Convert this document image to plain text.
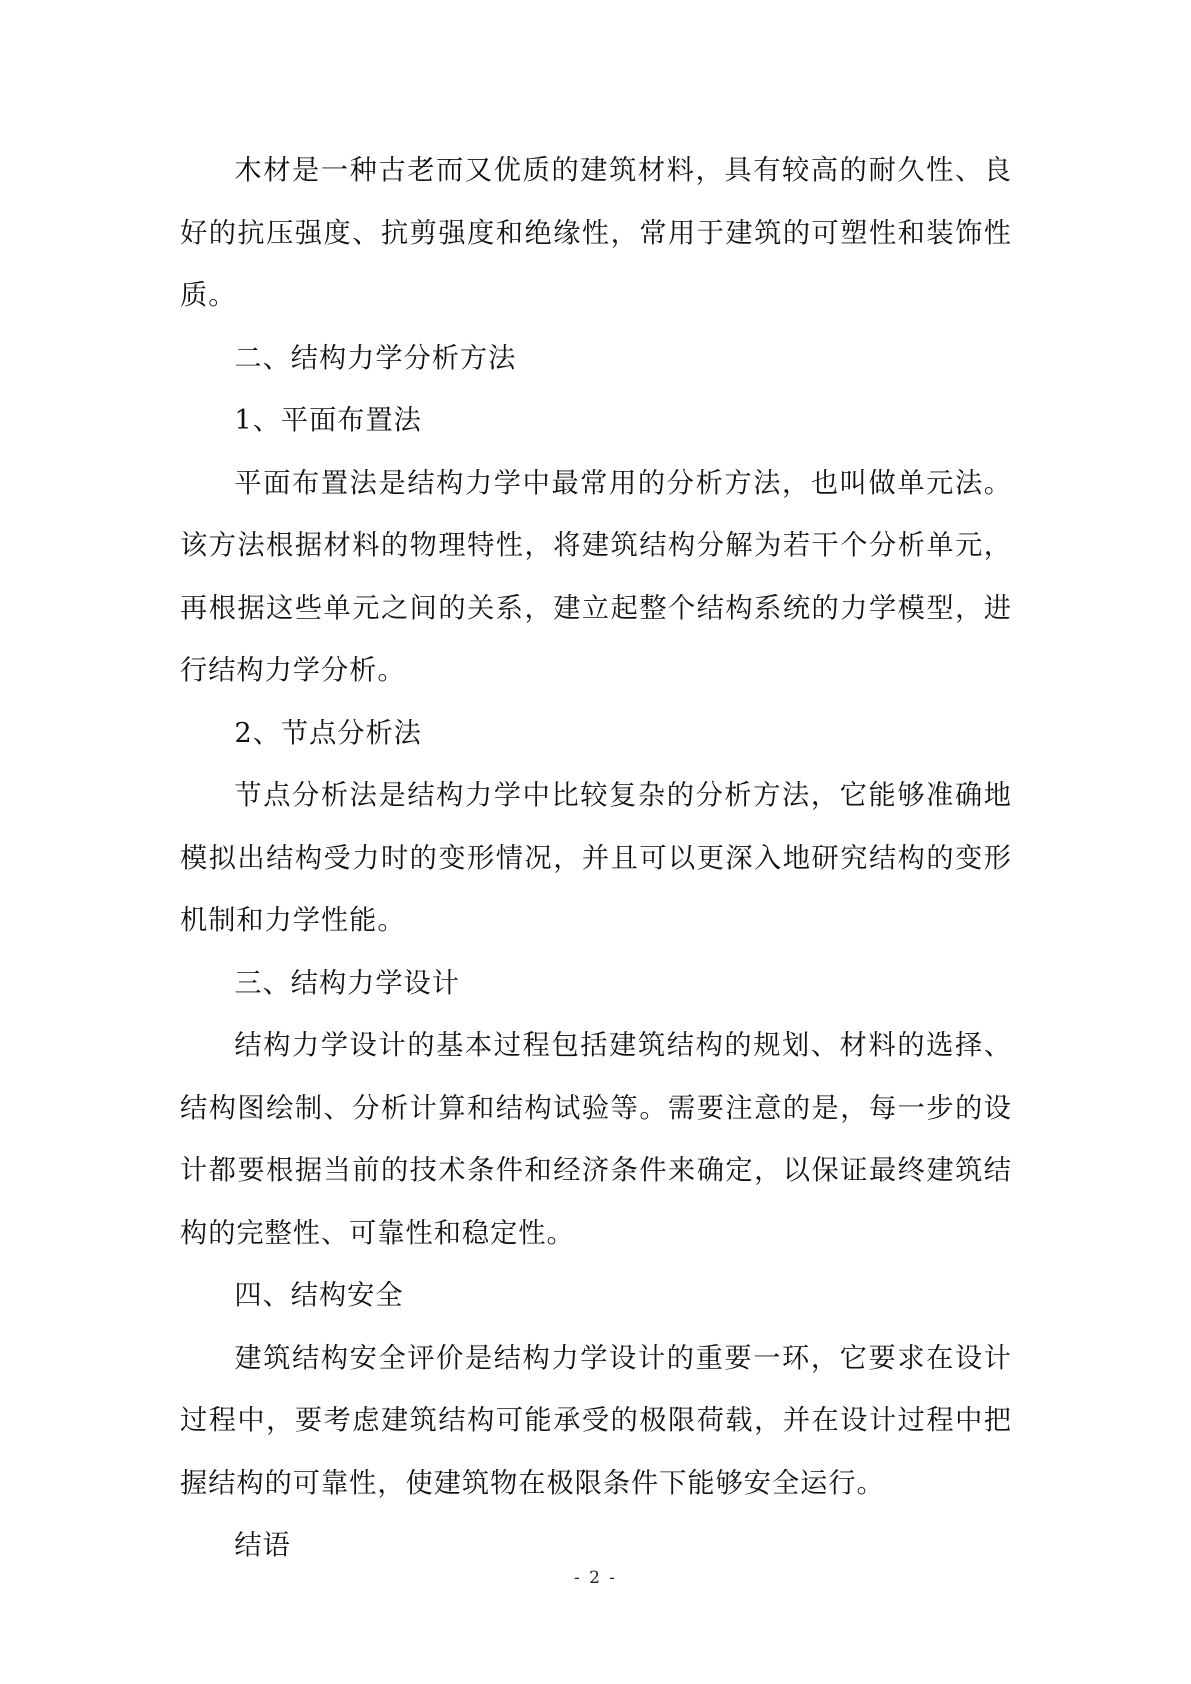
木材是一种古老而又优质的建筑材料，具有较高的耐久性、良好的抗压强度、抗剪强度和绝缘性，常用于建筑的可塑性和装饰性质。

二、结构力学分析方法

1、平面布置法

平面布置法是结构力学中最常用的分析方法，也叫做单元法。该方法根据材料的物理特性，将建筑结构分解为若干个分析单元，再根据这些单元之间的关系，建立起整个结构系统的力学模型，进行结构力学分析。

2、节点分析法

节点分析法是结构力学中比较复杂的分析方法，它能够准确地模拟出结构受力时的变形情况，并且可以更深入地研究结构的变形机制和力学性能。

三、结构力学设计

结构力学设计的基本过程包括建筑结构的规划、材料的选择、结构图绘制、分析计算和结构试验等。需要注意的是，每一步的设计都要根据当前的技术条件和经济条件来确定，以保证最终建筑结构的完整性、可靠性和稳定性。

四、结构安全

建筑结构安全评价是结构力学设计的重要一环，它要求在设计过程中，要考虑建筑结构可能承受的极限荷载，并在设计过程中把握结构的可靠性，使建筑物在极限条件下能够安全运行。

结语

- 2 -
